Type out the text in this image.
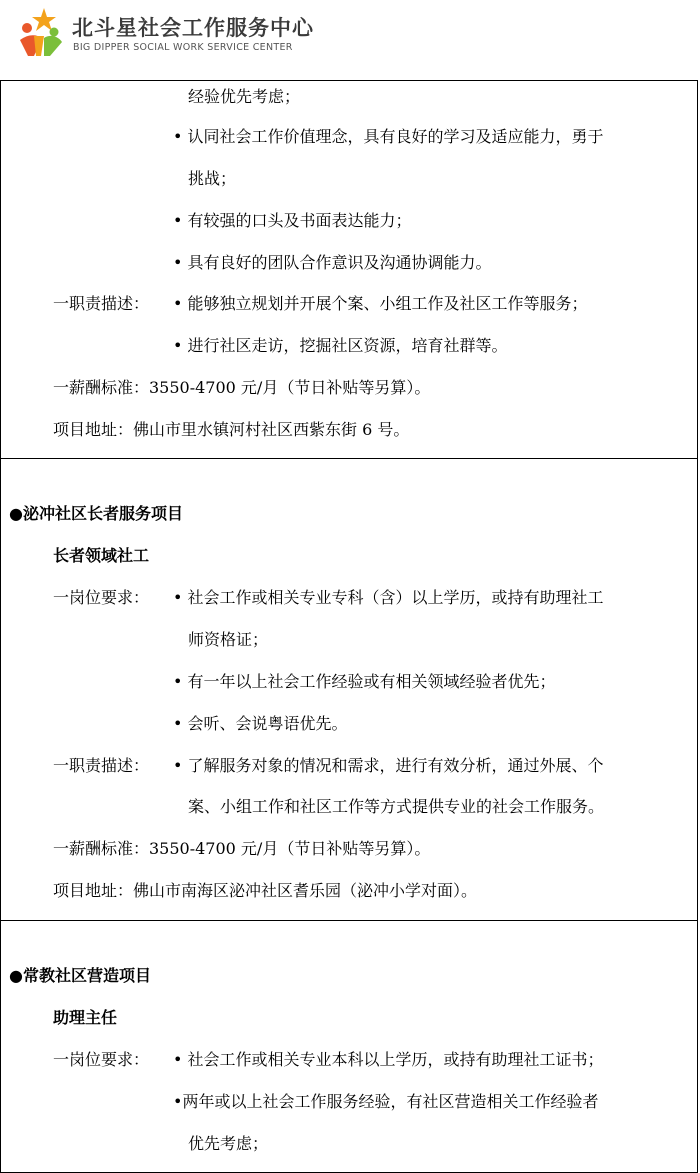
北斗星社会工作服务中心
BIG DIPPER SOCIAL WORK SERVICE CENTER
经验优先考虑；
• 认同社会工作价值理念，具有良好的学习及适应能力，勇于
挑战；
• 有较强的口头及书面表达能力；
• 具有良好的团队合作意识及沟通协调能力。
一职责描述： • 能够独立规划并开展个案、小组工作及社区工作等服务；
• 进行社区走访，挖掘社区资源，培育社群等。
一薪酬标准：3550-4700 元/月（节日补贴等另算）。
项目地址：佛山市里水镇河村社区西紫东街 6 号。
●泌冲社区长者服务项目
长者领域社工
一岗位要求： • 社会工作或相关专业专科（含）以上学历，或持有助理社工
师资格证；
• 有一年以上社会工作经验或有相关领域经验者优先；
• 会听、会说粤语优先。
一职责描述： • 了解服务对象的情况和需求，进行有效分析，通过外展、个
案、小组工作和社区工作等方式提供专业的社会工作服务。
一薪酬标准：3550-4700 元/月（节日补贴等另算）。
项目地址：佛山市南海区泌冲社区耆乐园（泌冲小学对面）。
●常教社区营造项目
助理主任
一岗位要求： • 社会工作或相关专业本科以上学历，或持有助理社工证书；
•两年或以上社会工作服务经验，有社区营造相关工作经验者
优先考虑；
